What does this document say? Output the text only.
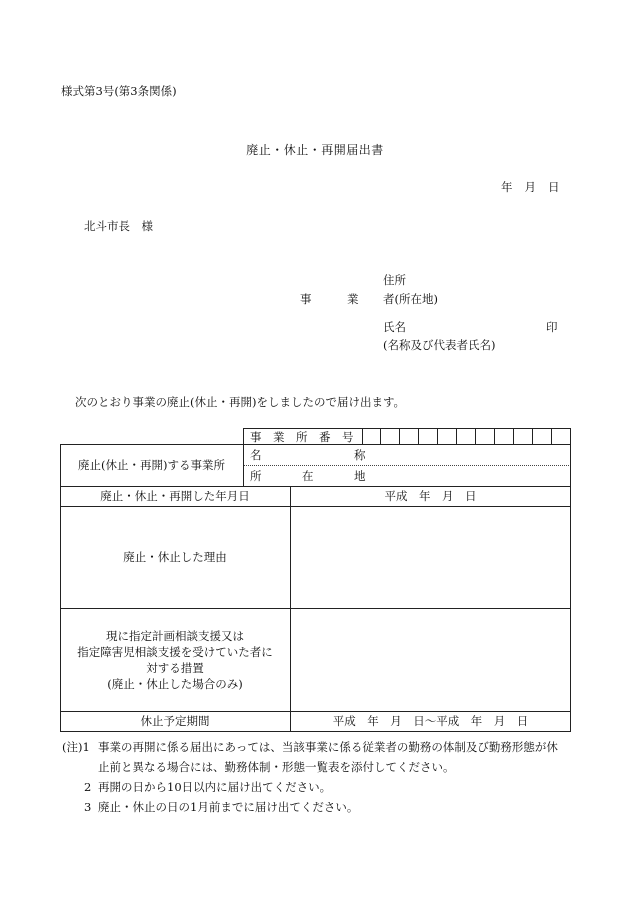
様式第3号(第3条関係)
廃止・休止・再開届出書
年 月 日
北斗市長　様
住所
事	業 者(所在地)
氏名	印
(名称及び代表者氏名)
次のとおり事業の廃止(休止・再開)をしましたので届け出ます。
事 業 所 番 号
名	称
所	在	地
廃止(休止・再開)する事業所
廃止・休止・再開した年月日	平成　年　月　日
廃止・休止した理由
現に指定計画相談支援又は
指定障害児相談支援を受けていた者に
対する措置
(廃止・休止した場合のみ)
休止予定期間	平成　年　月　日～平成　年　月　日
(注)1 事業の再開に係る届出にあっては、当該事業に係る従業者の勤務の体制及び勤務形態が休
止前と異なる場合には、勤務体制・形態一覧表を添付してください。
2 再開の日から10日以内に届け出てください。
3 廃止・休止の日の1月前までに届け出てください。
